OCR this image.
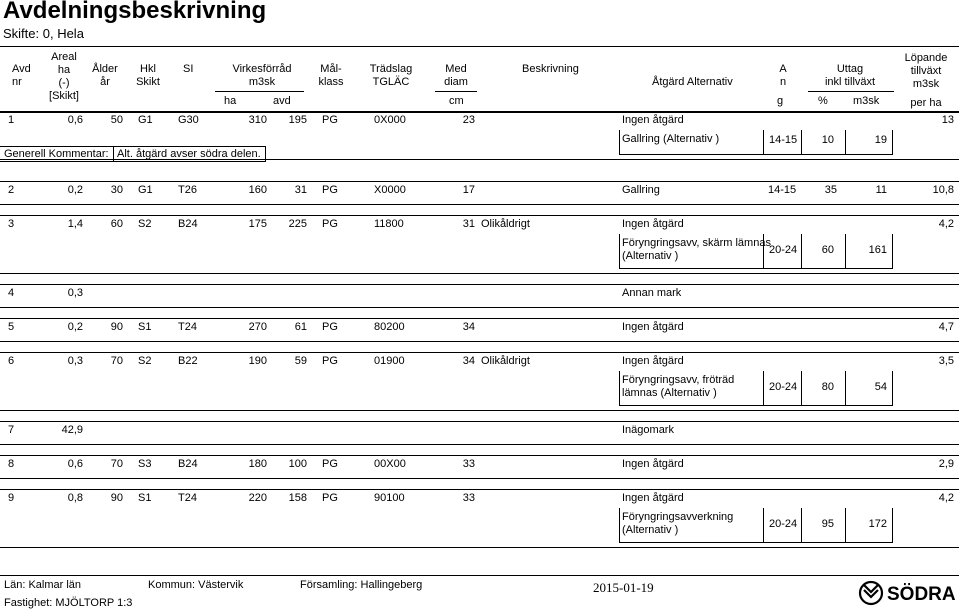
Avdelningsbeskrivning
Skifte: 0, Hela
Avd
nr
Areal
ha
(-)
[Skikt]
Ålder
år
Hkl
Skikt
SI	Virkesförråd
m3sk
ha	avd
Mål-
klass
Trädslag
TGLÄC
Med
diam
cm
Beskrivning
Åtgärd Alternativ
A
n
g
Uttag
inkl tillväxt
% m3sk
Löpande
tillväxt
m3sk
per ha
1	0,6	50 G1	G30	310	195 PG	0X000	23	Ingen åtgärd	13
Gallring (Alternativ )	14-15	10	19
Generell Kommentar: Alt. åtgärd avser södra delen.
2	0,2	30 G1	T26	160	31 PG	X0000	17	Gallring	14-15	35	11	10,8
3	1,4	60 S2	B24	175	225 PG	11800	31 Olikåldrigt	Ingen åtgärd	4,2
Föryngringsavv, skärm lämnas
(Alternativ )	20-24	60	161
4	0,3	Annan mark
5	0,2	90 S1	T24	270	61 PG	80200	34	Ingen åtgärd	4,7
6	0,3	70 S2	B22	190	59 PG	01900	34 Olikåldrigt	Ingen åtgärd	3,5
Föryngringsavv, fröträd
lämnas (Alternativ )	20-24	80	54
7	42,9	Inägomark
8	0,6	70 S3	B24	180	100 PG	00X00	33	Ingen åtgärd	2,9
9	0,8	90 S1	T24	220	158 PG	90100	33	Ingen åtgärd	4,2
Föryngringsavverkning
(Alternativ )	20-24	95	172
Län: Kalmar län	Kommun: Västervik	Församling: Hallingeberg	2015-01-19
Fastighet: MJÖLTORP 1:3	SÖDRA
